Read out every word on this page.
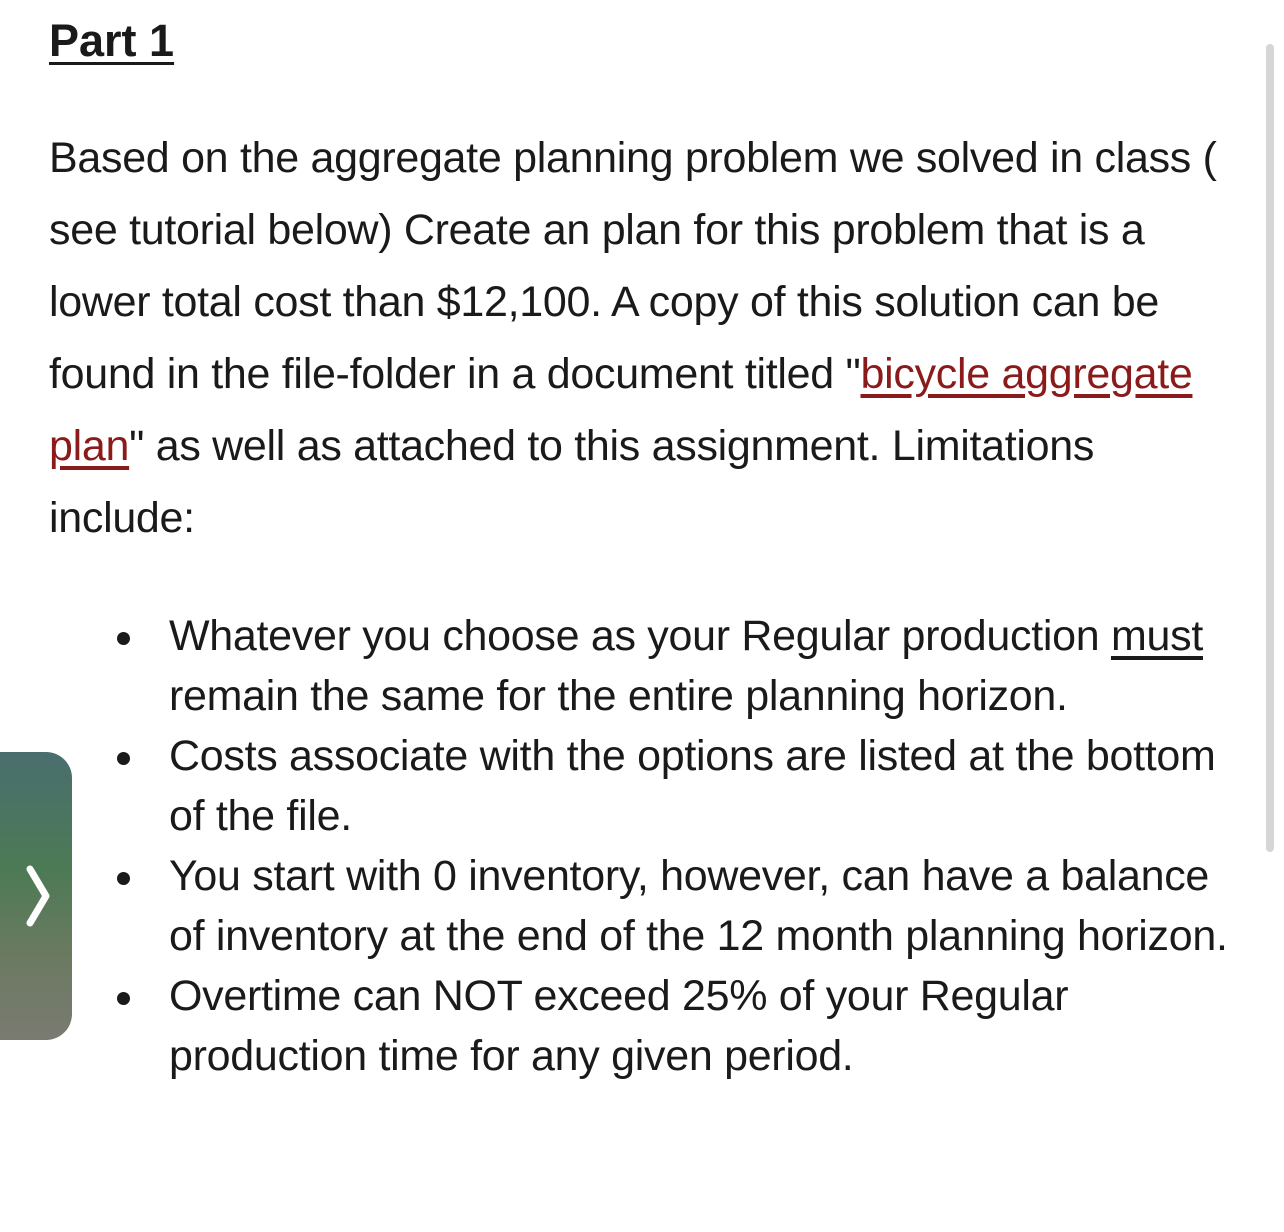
Part 1

Based on the aggregate planning problem we solved in class ( see tutorial below) Create an plan for this problem that is a lower total cost than $12,100. A copy of this solution can be found in the file-folder in a document titled "bicycle aggregate plan" as well as attached to this assignment. Limitations include:

Whatever you choose as your Regular production must remain the same for the entire planning horizon.
Costs associate with the options are listed at the bottom of the file.
You start with 0 inventory, however, can have a balance of inventory at the end of the 12 month planning horizon.
Overtime can NOT exceed 25% of your Regular production time for any given period.
